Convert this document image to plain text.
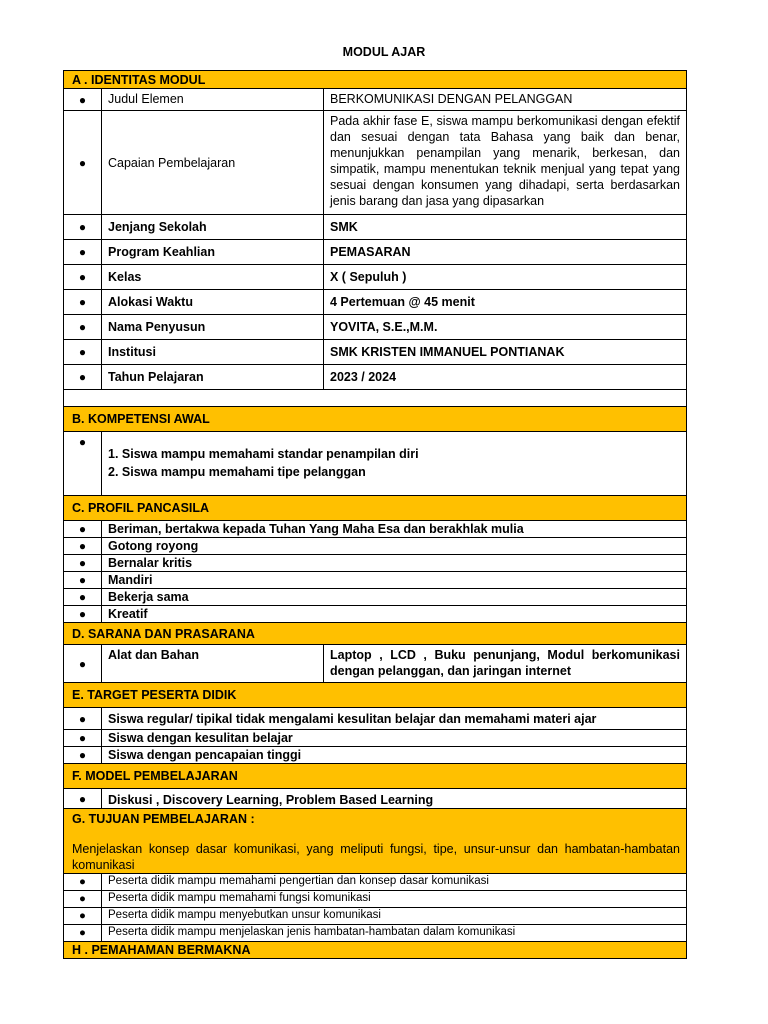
MODUL AJAR
A . IDENTITAS MODUL		
●	Judul Elemen	BERKOMUNIKASI DENGAN PELANGGAN
●	Capaian Pembelajaran	Pada akhir fase E, siswa mampu berkomunikasi dengan efektif dan sesuai dengan tata Bahasa yang baik dan benar, menunjukkan penampilan yang menarik, berkesan, dan simpatik, mampu menentukan teknik menjual yang tepat yang sesuai dengan konsumen yang dihadapi, serta berdasarkan jenis barang dan jasa yang dipasarkan
●	Jenjang Sekolah	SMK
●	Program Keahlian	PEMASARAN
●	Kelas	X ( Sepuluh )
●	Alokasi Waktu	4 Pertemuan @ 45 menit
●	Nama Penyusun	YOVITA, S.E.,M.M.
●	Institusi	SMK KRISTEN IMMANUEL PONTIANAK
●	Tahun Pelajaran	2023 / 2024

B. KOMPETENSI AWAL		
●	1. Siswa mampu memahami standar penampilan diri
2. Siswa mampu memahami tipe pelanggan	

C. PROFIL PANCASILA		
●	Beriman, bertakwa kepada Tuhan Yang Maha Esa dan berakhlak mulia	
●	Gotong royong	
●	Bernalar kritis	
●	Mandiri	
●	Bekerja sama	
●	Kreatif	
D. SARANA DAN PRASARANA		
●	Alat dan Bahan	Laptop , LCD , Buku penunjang, Modul berkomunikasi dengan pelanggan, dan jaringan internet
E. TARGET PESERTA DIDIK		
●	Siswa regular/ tipikal tidak mengalami kesulitan belajar dan memahami materi ajar	
●	Siswa dengan kesulitan belajar	
●	Siswa dengan pencapaian tinggi	
F. MODEL PEMBELAJARAN		
●	Diskusi , Discovery Learning, Problem Based Learning	

G. TUJUAN PEMBELAJARAN :
Menjelaskan konsep dasar komunikasi, yang meliputi fungsi, tipe, unsur-unsur dan hambatan-hambatan komunikasi		

●	Peserta didik mampu memahami pengertian dan konsep dasar komunikasi	
●	Peserta didik mampu memahami fungsi komunikasi	
●	Peserta didik mampu menyebutkan unsur komunikasi	
●	Peserta didik mampu menjelaskan jenis hambatan-hambatan dalam komunikasi	
H . PEMAHAMAN BERMAKNA		
